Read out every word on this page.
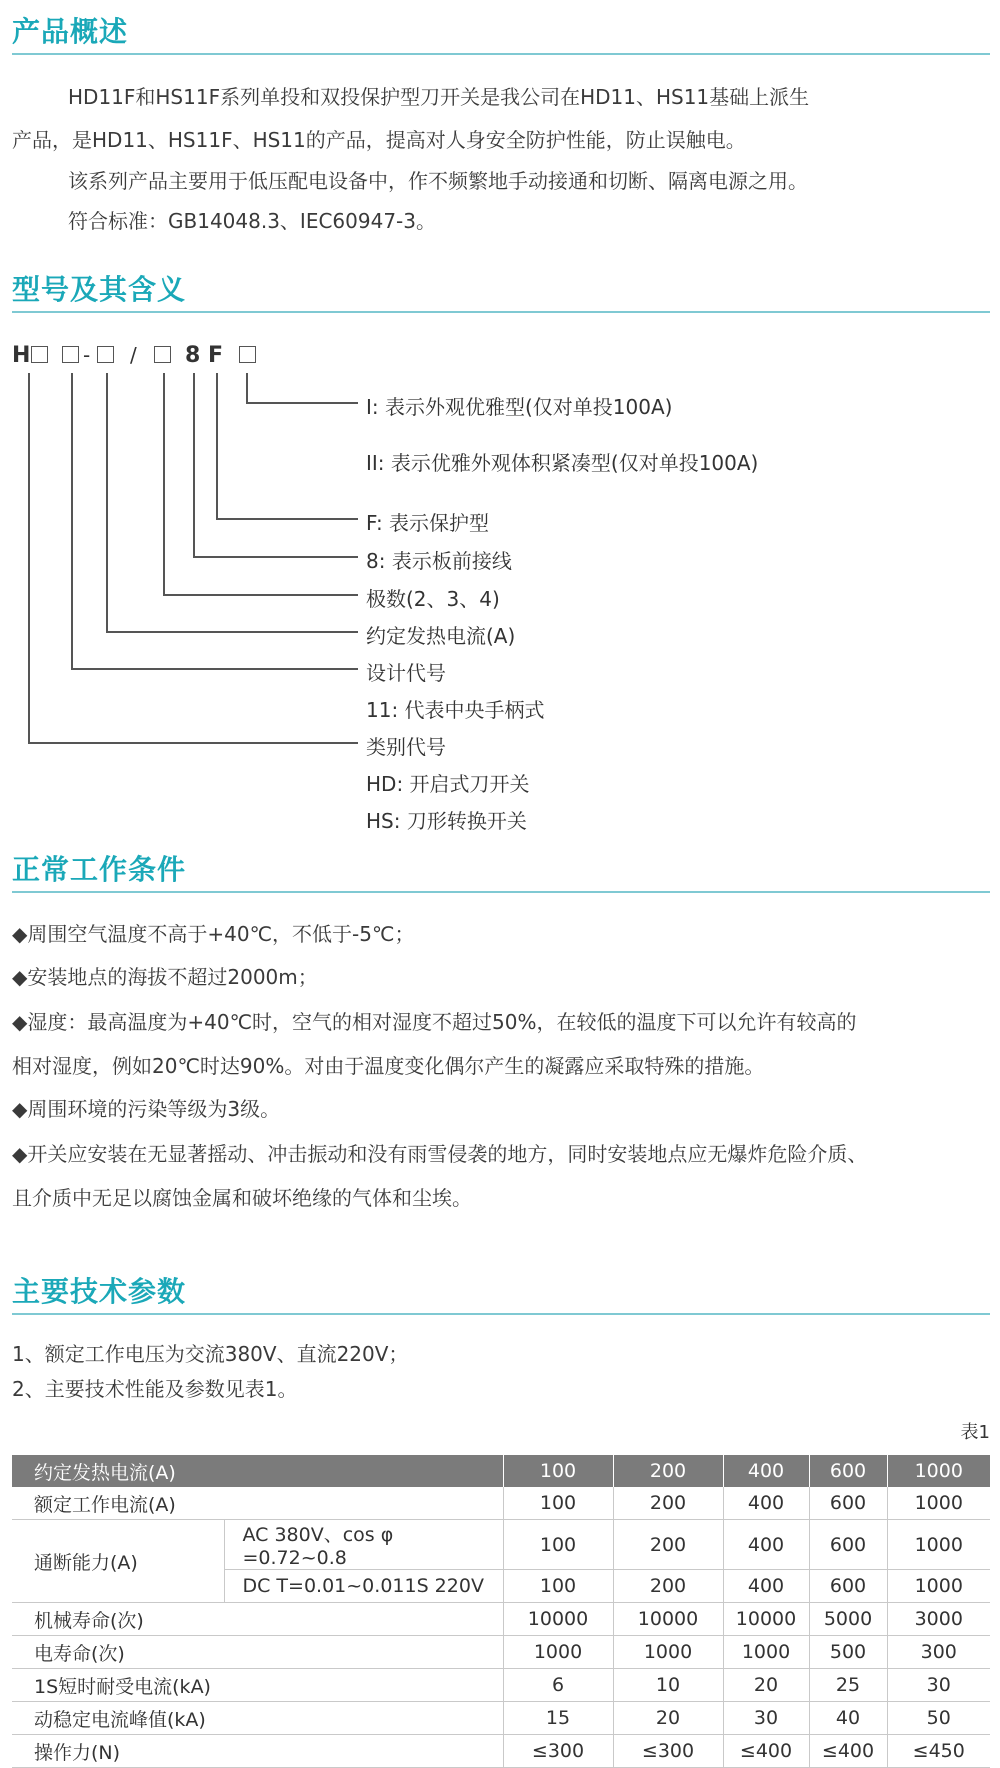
产品概述
HD11F和HS11F系列单投和双投保护型刀开关是我公司在HD11、HS11基础上派生
产品，是HD11、HS11F、HS11的产品，提高对人身安全防护性能，防止误触电。
该系列产品主要用于低压配电设备中，作不频繁地手动接通和切断、隔离电源之用。
符合标准：GB14048.3、IEC60947-3。
型号及其含义
H	- / 8 F
I: 表示外观优雅型(仅对单投100A)
II: 表示优雅外观体积紧凑型(仅对单投100A)
F: 表示保护型
8: 表示板前接线
极数(2、3、4)
约定发热电流(A)
设计代号
11: 代表中央手柄式
类别代号
HD: 开启式刀开关
HS: 刀形转换开关
正常工作条件
◆周围空气温度不高于+40℃，不低于-5℃；
◆安装地点的海拔不超过2000m；
◆湿度：最高温度为+40℃时，空气的相对湿度不超过50%，在较低的温度下可以允许有较高的
相对湿度，例如20℃时达90%。对由于温度变化偶尔产生的凝露应采取特殊的措施。
◆周围环境的污染等级为3级。
◆开关应安装在无显著摇动、冲击振动和没有雨雪侵袭的地方，同时安装地点应无爆炸危险介质、
且介质中无足以腐蚀金属和破坏绝缘的气体和尘埃。
主要技术参数
1、额定工作电压为交流380V、直流220V；
2、主要技术性能及参数见表1。
表1
约定发热电流(A)		100	200	400	600	1000
额定工作电流(A)		100	200	400	600	1000
通断能力(A)	AC 380V、cos φ =0.72~0.8	100	200	400	600	1000
	DC T=0.01~0.011S 220V	100	200	400	600	1000
机械寿命(次)		10000	10000	10000	5000	3000
电寿命(次)		1000	1000	1000	500	300
1S短时耐受电流(kA)		6	10	20	25	30
动稳定电流峰值(kA)		15	20	30	40	50
操作力(N)		≤300	≤300	≤400	≤400	≤450
